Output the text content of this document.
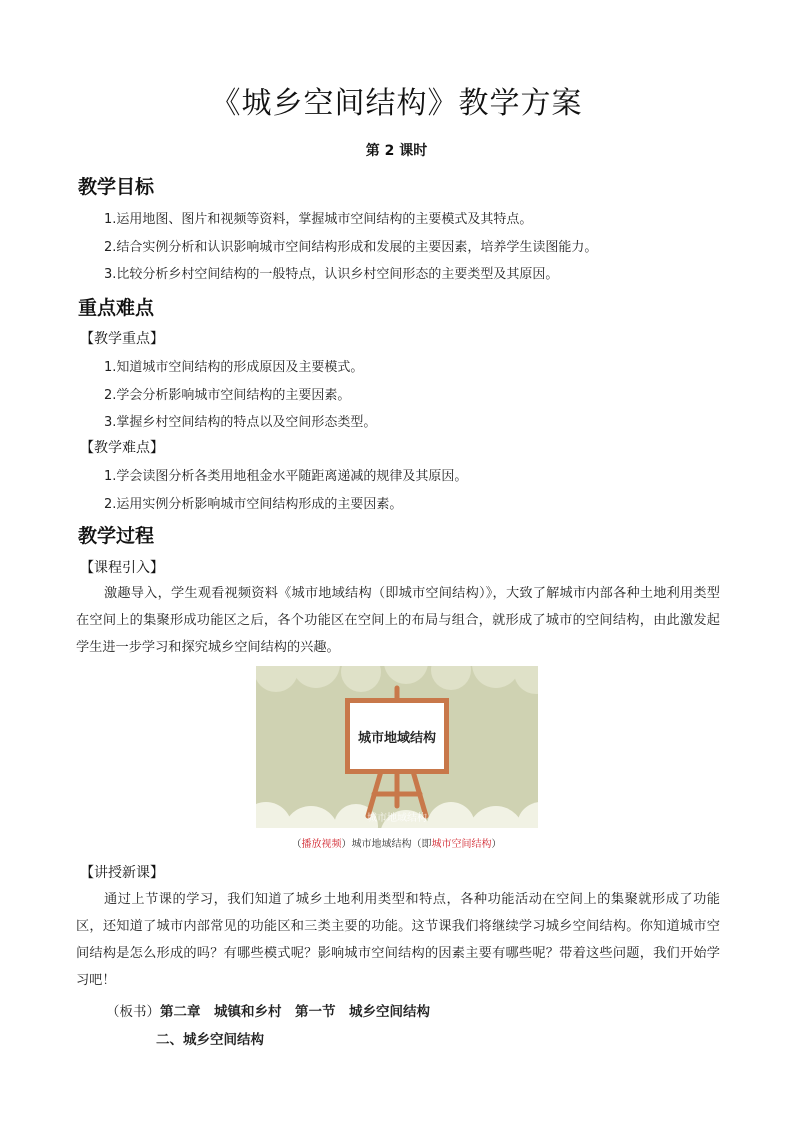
《城乡空间结构》教学方案
第 2 课时
教学目标
1.运用地图、图片和视频等资料，掌握城市空间结构的主要模式及其特点。
2.结合实例分析和认识影响城市空间结构形成和发展的主要因素，培养学生读图能力。
3.比较分析乡村空间结构的一般特点，认识乡村空间形态的主要类型及其原因。
重点难点
【教学重点】
1.知道城市空间结构的形成原因及主要模式。
2.学会分析影响城市空间结构的主要因素。
3.掌握乡村空间结构的特点以及空间形态类型。
【教学难点】
1.学会读图分析各类用地租金水平随距离递减的规律及其原因。
2.运用实例分析影响城市空间结构形成的主要因素。
教学过程
【课程引入】
激趣导入，学生观看视频资料《城市地域结构（即城市空间结构）》，大致了解城市内部各种土地利用类型在空间上的集聚形成功能区之后，各个功能区在空间上的布局与组合，就形成了城市的空间结构，由此激发起学生进一步学习和探究城乡空间结构的兴趣。
城市地域结构
城市地域结构
（播放视频）城市地域结构（即城市空间结构）
【讲授新课】
通过上节课的学习，我们知道了城乡土地利用类型和特点，各种功能活动在空间上的集聚就形成了功能区，还知道了城市内部常见的功能区和三类主要的功能。这节课我们将继续学习城乡空间结构。你知道城市空间结构是怎么形成的吗？有哪些模式呢？影响城市空间结构的因素主要有哪些呢？带着这些问题，我们开始学习吧！
（板书）第二章　城镇和乡村　第一节　城乡空间结构
二、城乡空间结构
